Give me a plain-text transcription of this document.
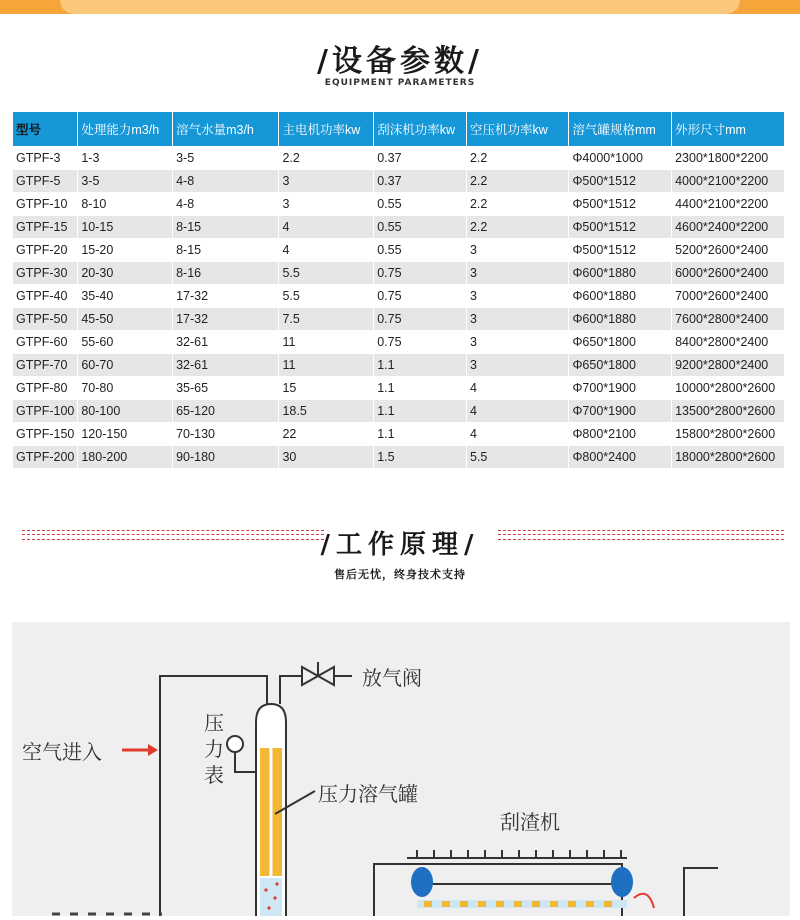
/设备参数/
EQUIPMENT PARAMETERS
型号	处理能力m3/h	溶气水量m3/h	主电机功率kw	刮沫机功率kw	空压机功率kw	溶气罐规格mm	外形尺寸mm
GTPF-3	1-3	3-5	2.2	0.37	2.2	Φ4000*1000	2300*1800*2200
GTPF-5	3-5	4-8	3	0.37	2.2	Φ500*1512	4000*2100*2200
GTPF-10	8-10	4-8	3	0.55	2.2	Φ500*1512	4400*2100*2200
GTPF-15	10-15	8-15	4	0.55	2.2	Φ500*1512	4600*2400*2200
GTPF-20	15-20	8-15	4	0.55	3	Φ500*1512	5200*2600*2400
GTPF-30	20-30	8-16	5.5	0.75	3	Φ600*1880	6000*2600*2400
GTPF-40	35-40	17-32	5.5	0.75	3	Φ600*1880	7000*2600*2400
GTPF-50	45-50	17-32	7.5	0.75	3	Φ600*1880	7600*2800*2400
GTPF-60	55-60	32-61	11	0.75	3	Φ650*1800	8400*2800*2400
GTPF-70	60-70	32-61	11	1.1	3	Φ650*1800	9200*2800*2400
GTPF-80	70-80	35-65	15	1.1	4	Φ700*1900	10000*2800*2600
GTPF-100	80-100	65-120	18.5	1.1	4	Φ700*1900	13500*2800*2600
GTPF-150	120-150	70-130	22	1.1	4	Φ800*2100	15800*2800*2600
GTPF-200	180-200	90-180	30	1.5	5.5	Φ800*2400	18000*2800*2600
/工作原理/
售后无忧，终身技术支持
放气阀
空气进入
压力表
压力溶气罐
刮渣机
